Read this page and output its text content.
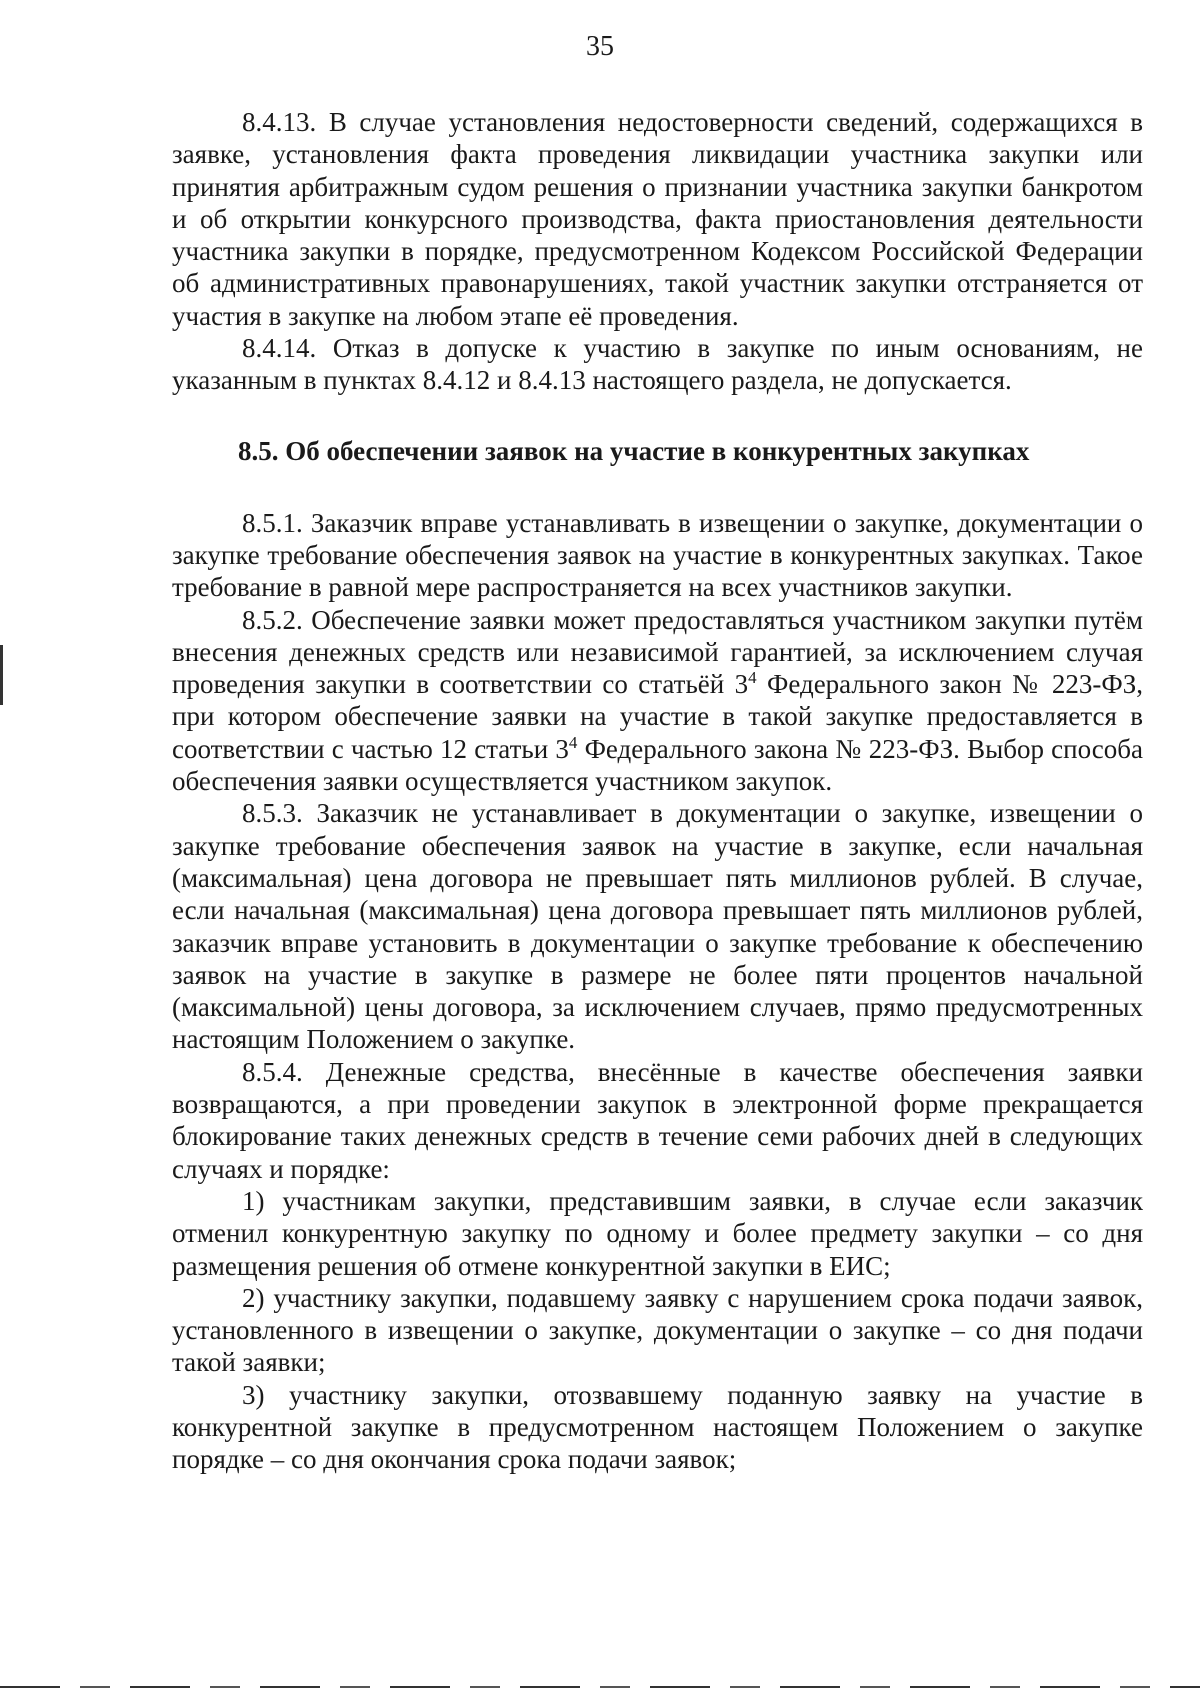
35

8.4.13. В случае установления недостоверности сведений, содержащихся в заявке, установления факта проведения ликвидации участника закупки или принятия арбитражным судом решения о признании участника закупки банкротом и об открытии конкурсного производства, факта приостановления деятельности участника закупки в порядке, предусмотренном Кодексом Российской Федерации об административных правонарушениях, такой участник закупки отстраняется от участия в закупке на любом этапе её проведения.

8.4.14. Отказ в допуске к участию в закупке по иным основаниям, не указанным в пунктах 8.4.12 и 8.4.13 настоящего раздела, не допускается.

8.5. Об обеспечении заявок на участие в конкурентных закупках

8.5.1. Заказчик вправе устанавливать в извещении о закупке, документации о закупке требование обеспечения заявок на участие в конкурентных закупках. Такое требование в равной мере распространяется на всех участников закупки.

8.5.2. Обеспечение заявки может предоставляться участником закупки путём внесения денежных средств или независимой гарантией, за исключением случая проведения закупки в соответствии со статьёй $3^4$ Федерального закон № 223-ФЗ, при котором обеспечение заявки на участие в такой закупке предоставляется в соответствии с частью 12 статьи $3^4$ Федерального закона № 223-ФЗ. Выбор способа обеспечения заявки осуществляется участником закупок.

8.5.3. Заказчик не устанавливает в документации о закупке, извещении о закупке требование обеспечения заявок на участие в закупке, если начальная (максимальная) цена договора не превышает пять миллионов рублей. В случае, если начальная (максимальная) цена договора превышает пять миллионов рублей, заказчик вправе установить в документации о закупке требование к обеспечению заявок на участие в закупке в размере не более пяти процентов начальной (максимальной) цены договора, за исключением случаев, прямо предусмотренных настоящим Положением о закупке.

8.5.4. Денежные средства, внесённые в качестве обеспечения заявки возвращаются, а при проведении закупок в электронной форме прекращается блокирование таких денежных средств в течение семи рабочих дней в следующих случаях и порядке:

1) участникам закупки, представившим заявки, в случае если заказчик отменил конкурентную закупку по одному и более предмету закупки – со дня размещения решения об отмене конкурентной закупки в ЕИС;

2) участнику закупки, подавшему заявку с нарушением срока подачи заявок, установленного в извещении о закупке, документации о закупке – со дня подачи такой заявки;

3) участнику закупки, отозвавшему поданную заявку на участие в конкурентной закупке в предусмотренном настоящем Положением о закупке порядке – со дня окончания срока подачи заявок;
